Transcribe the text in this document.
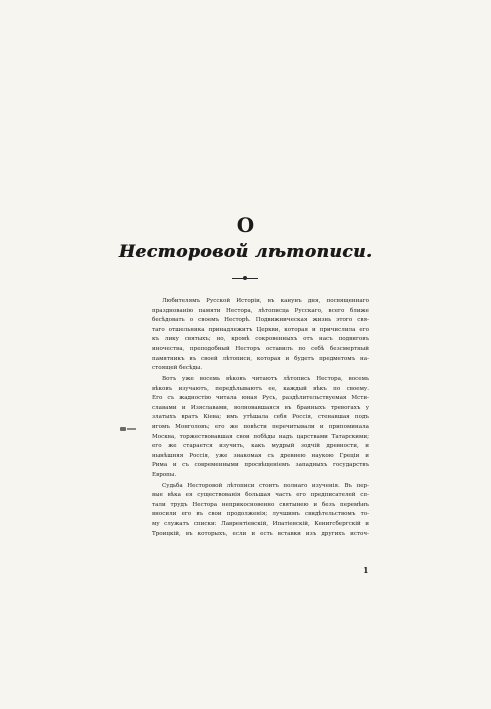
О
Несторовой лѣтописи.
Любителямъ Русской Исторіи, въ канунъ дня, посвященнаго
празднованію памяти Нестора, лѣтописца Русскаго, всего ближе
бесѣдовать о своемъ Несторѣ. Подвижническая жизнь этого свя-
таго отшельника принадлежитъ Церкви, которая и причислила его
къ лику святыхъ; но, кромѣ сокровенныхъ отъ насъ подвиговъ
иночества, преподобный Несторъ оставилъ по себѣ безсмертный
памятникъ въ своей лѣтописи, которая и будетъ предметомъ на-
стоящей бесѣды.
Вотъ уже восемь вѣковъ читаютъ лѣтопись Нестора, восемь
вѣковъ изучаютъ, передѣлываютъ ее, каждый вѣкъ по своему.
Его съ жадностію читала юная Русь, раздѣлительствуемая Мсти-
славами и Изяславами, волновавшаяся въ бранныхъ тревогахъ у
златыхъ вратъ Кіева; имъ утѣшала себя Россія, стенавшая подъ
игомъ Монголовъ; его же повѣсти перечитывали и припоминала
Москва, торжествовавшая свои побѣды надъ царствами Татарскими;
его же старается изучить, какъ мудрый зодчій древности, и
нынѣшняя Россія, уже знакомая съ древнею наукою Греціи и
Рима и съ современными просвѣщеніемъ западныхъ государствъ
Европы.
Судьба Несторовой лѣтописи стоитъ полнаго изученія. Въ пер-
вые вѣка ея существованія большая часть его предписателей сп-
тали трудъ Нестора неприкосновенно святынею и безъ перемѣнъ
вносили его въ свои продолженія; лучшимъ свидѣтельствомъ то-
му служатъ списки: Лаврентіевскій, Ипатіевскій, Кенигсбергскій и
Троицкій, въ которыхъ, если и есть вставки изъ другихъ источ-
1
